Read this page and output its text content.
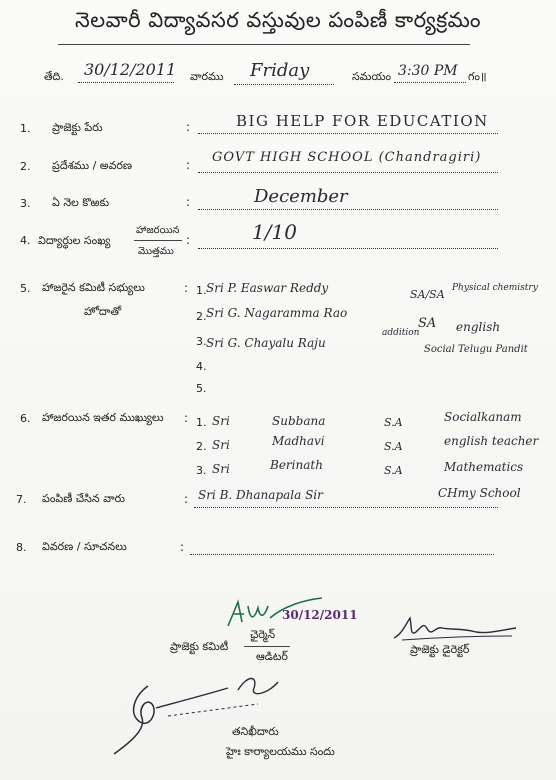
నెలవారీ విద్యావసర వస్తువుల పంపిణీ కార్యక్రమం
తేది. 30/12/2011 వారము Friday	సమయం 3:30 PM గం॥
1. ప్రాజెక్టు పేరు	:	BIG HELP FOR EDUCATION
2. ప్రదేశము / అవరణ	: GOVT HIGH SCHOOL (Chandragiri)
3. ఏ నెల కొఱకు	:	December
4. విద్యార్థుల సంఖ్య
హాజరయిన
మొత్తము
:	1/10
5. హాజరైన కమిటీ సభ్యులు
హోదాతో
: 1. Sri P. Easwar Reddy	SA/SA Physical chemistry
2. Sri G. Nagaramma Rao
addition
SA english
3. Sri G. Chayalu Raju	Social Telugu Pandit
4.
5.
6. హాజరయిన ఇతర ముఖ్యులు : 1. Sri	Subbana	S.A	Socialkanam
2. Sri	Madhavi	S.A	english teacher
3. Sri	Berinath	S.A	Mathematics
7. పంపిణీ చేసిన వారు	: Sri B. Dhanapala Sir	CHmy School
8. వివరణ / సూచనలు	:
30/12/2011
ప్రాజెక్టు కమిటీ
ఛైర్మెన్
ఆడిటర్
ప్రాజెక్టు డైరెక్టర్
తనిఖీదారు
హైః కార్యాలయము సందు
